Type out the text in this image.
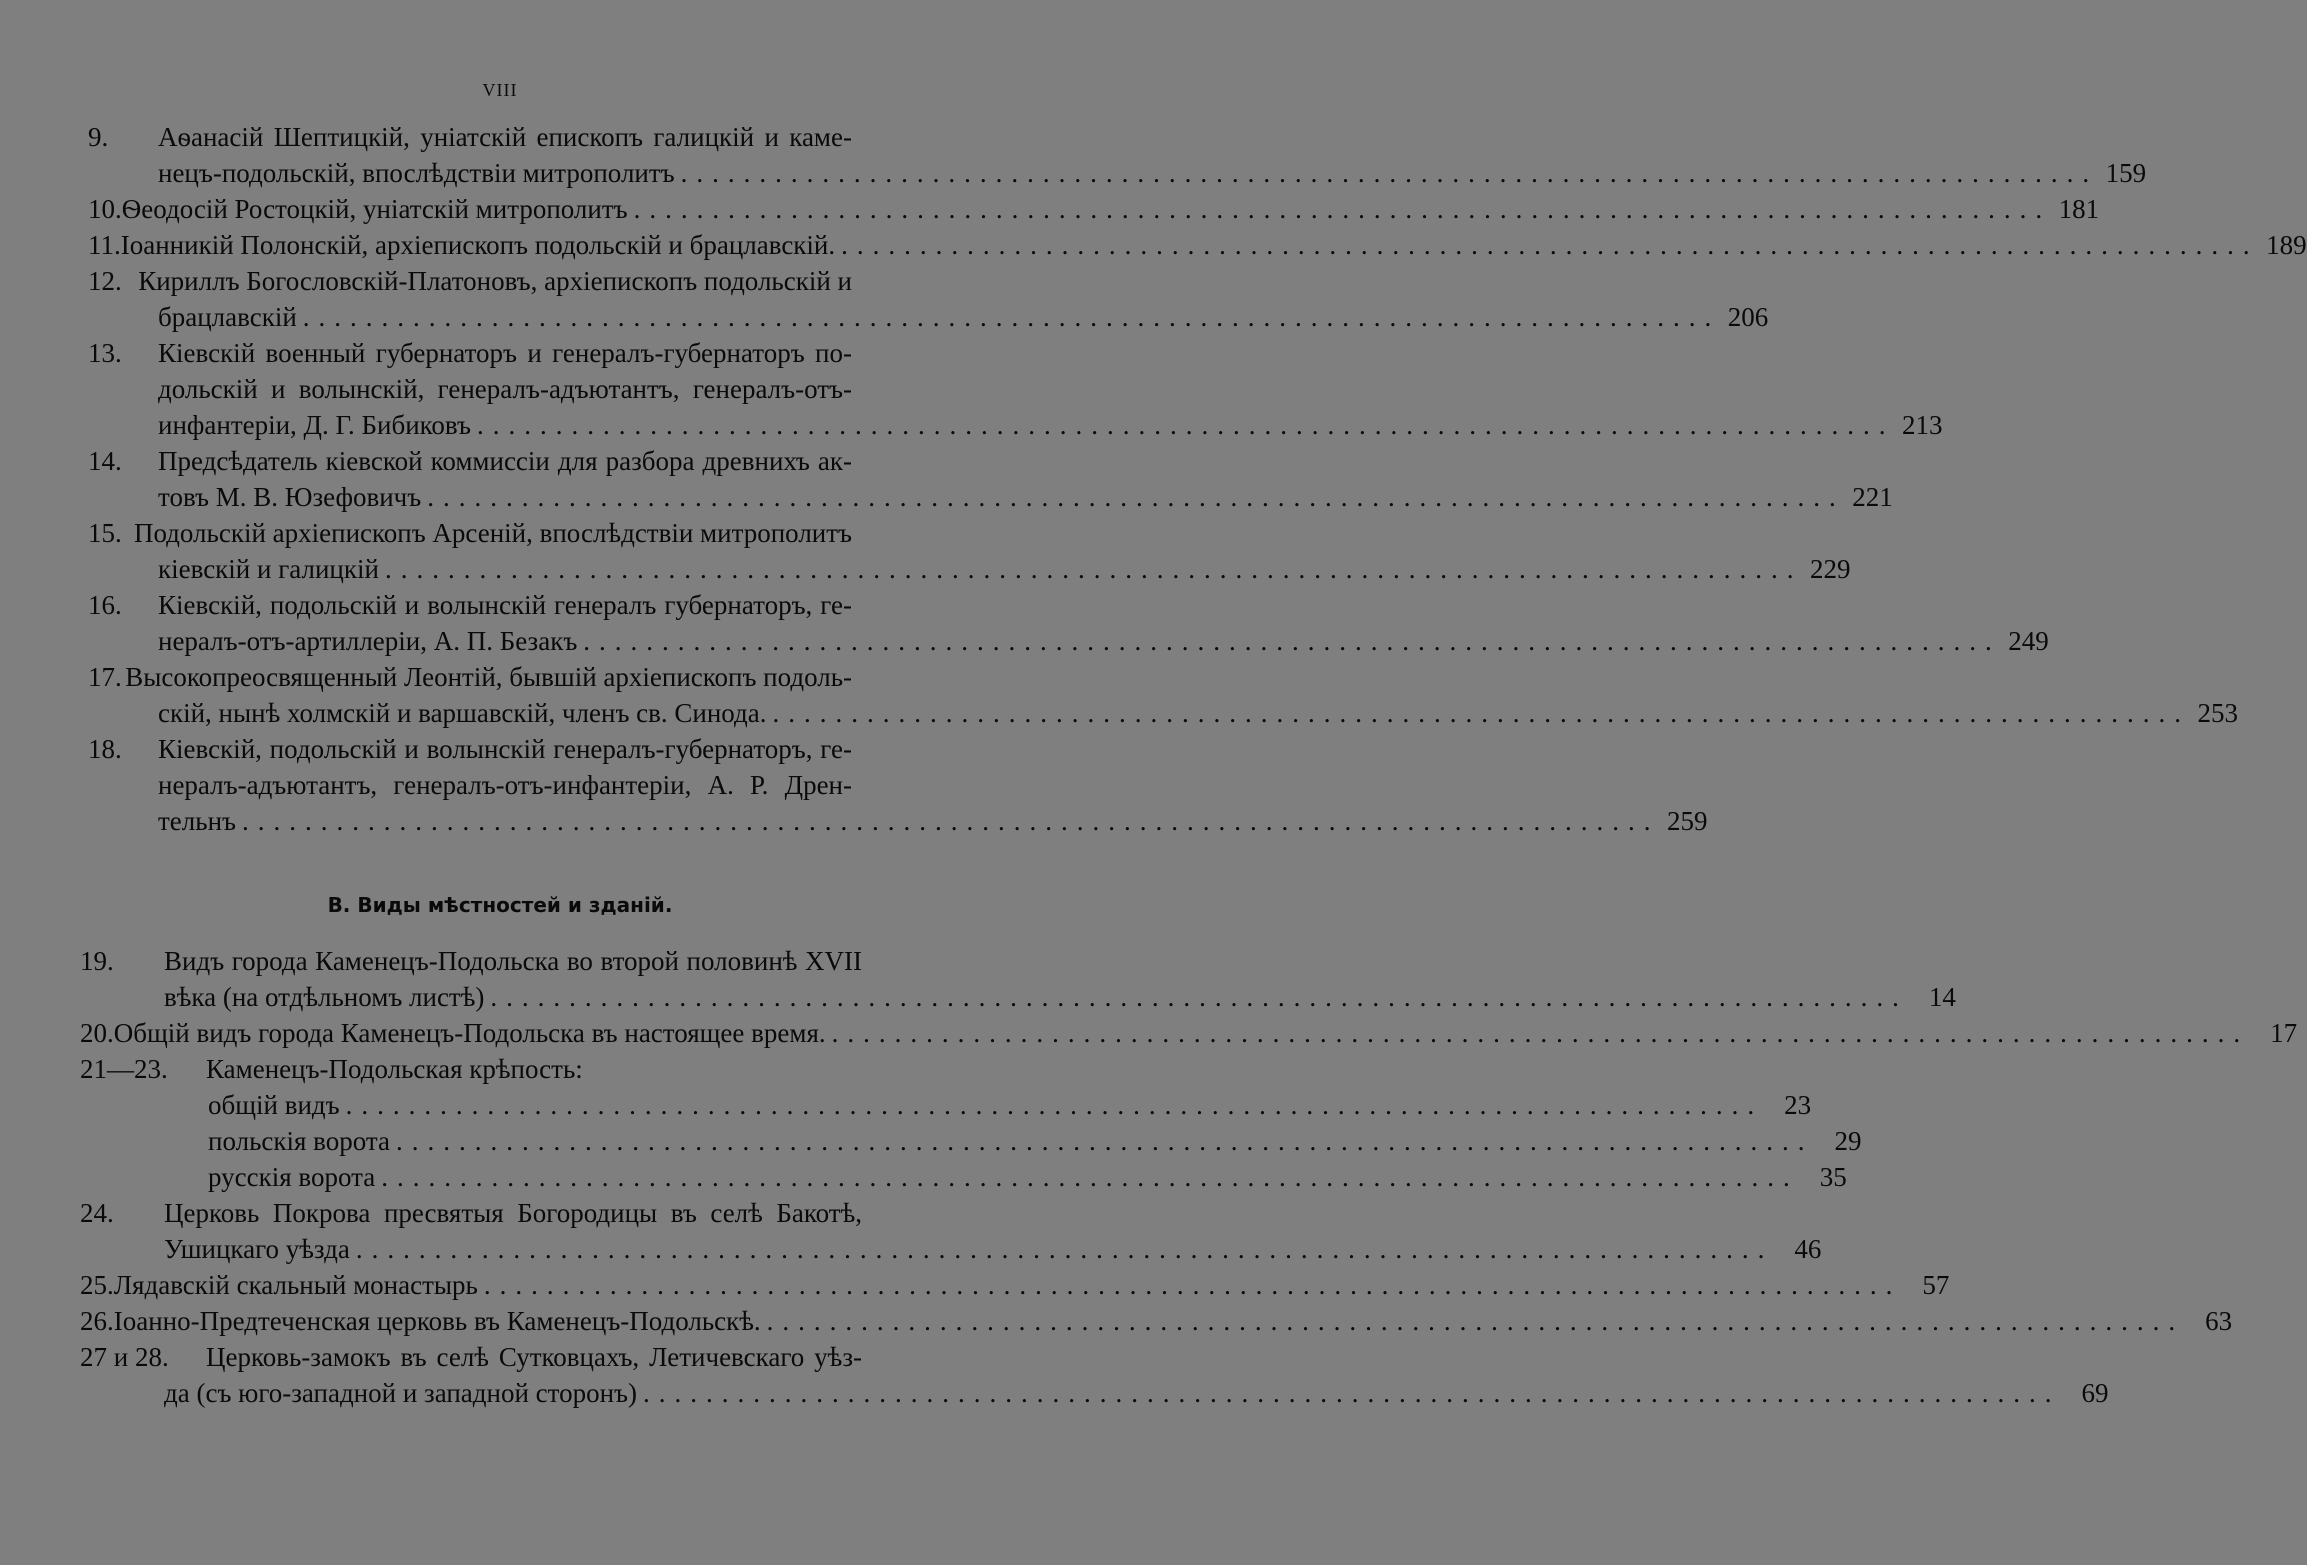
VIII
В. Виды мѣстностей и зданій.
9.	Аѳанасій Шептицкій, уніатскій епископъ галицкій и каме-
нецъ-подольскій, впослѣдствіи митрополитъ .......................................................................................... 159
10. Ѳеодосій Ростоцкій, уніатскій митрополитъ .......................................................................................... 181
11. Іоанникій Полонскій, архіепископъ подольскій и брацлавскій. .......................................................................................... 189
12. Кириллъ Богословскій-Платоновъ, архіепископъ подольскій и
брацлавскій .......................................................................................... 206
13.	Кіевскій военный губернаторъ и генералъ-губернаторъ по-
дольскій и волынскій, генералъ-адъютантъ, генералъ-отъ-
инфантеріи, Д. Г. Бибиковъ .......................................................................................... 213
14.	Предсѣдатель кіевской коммиссіи для разбора древнихъ ак-
товъ М. В. Юзефовичъ .......................................................................................... 221
15. Подольскій архіепископъ Арсеній, впослѣдствіи митрополитъ
кіевскій и галицкій .......................................................................................... 229
16.	Кіевскій, подольскій и волынскій генералъ губернаторъ, ге-
нералъ-отъ-артиллеріи, А. П. Безакъ .......................................................................................... 249
17. Высокопреосвященный Леонтій, бывшій архіепископъ подоль-
скій, нынѣ холмскій и варшавскій, членъ св. Синода. .......................................................................................... 253
18.	Кіевскій, подольскій и волынскій генералъ-губернаторъ, ге-
нералъ-адъютантъ, генералъ-отъ-инфантеріи, А. Р. Дрен-
тельнъ .......................................................................................... 259
19.	Видъ города Каменецъ-Подольска во второй половинѣ XVII
вѣка (на отдѣльномъ листѣ) .......................................................................................... 14
20. Общій видъ города Каменецъ-Подольска въ настоящее время. .......................................................................................... 17
21—23.	Каменецъ-Подольская крѣпость:
общій видъ .......................................................................................... 23
польскія ворота .......................................................................................... 29
русскія ворота .......................................................................................... 35
24.	Церковь Покрова пресвятыя Богородицы въ селѣ Бакотѣ,
Ушицкаго уѣзда .......................................................................................... 46
25. Лядавскій скальный монастырь .......................................................................................... 57
26. Іоанно-Предтеченская церковь въ Каменецъ-Подольскѣ. .......................................................................................... 63
27 и 28.	Церковь-замокъ въ селѣ Сутковцахъ, Летичевскаго уѣз-
да (съ юго-западной и западной сторонъ) .......................................................................................... 69
